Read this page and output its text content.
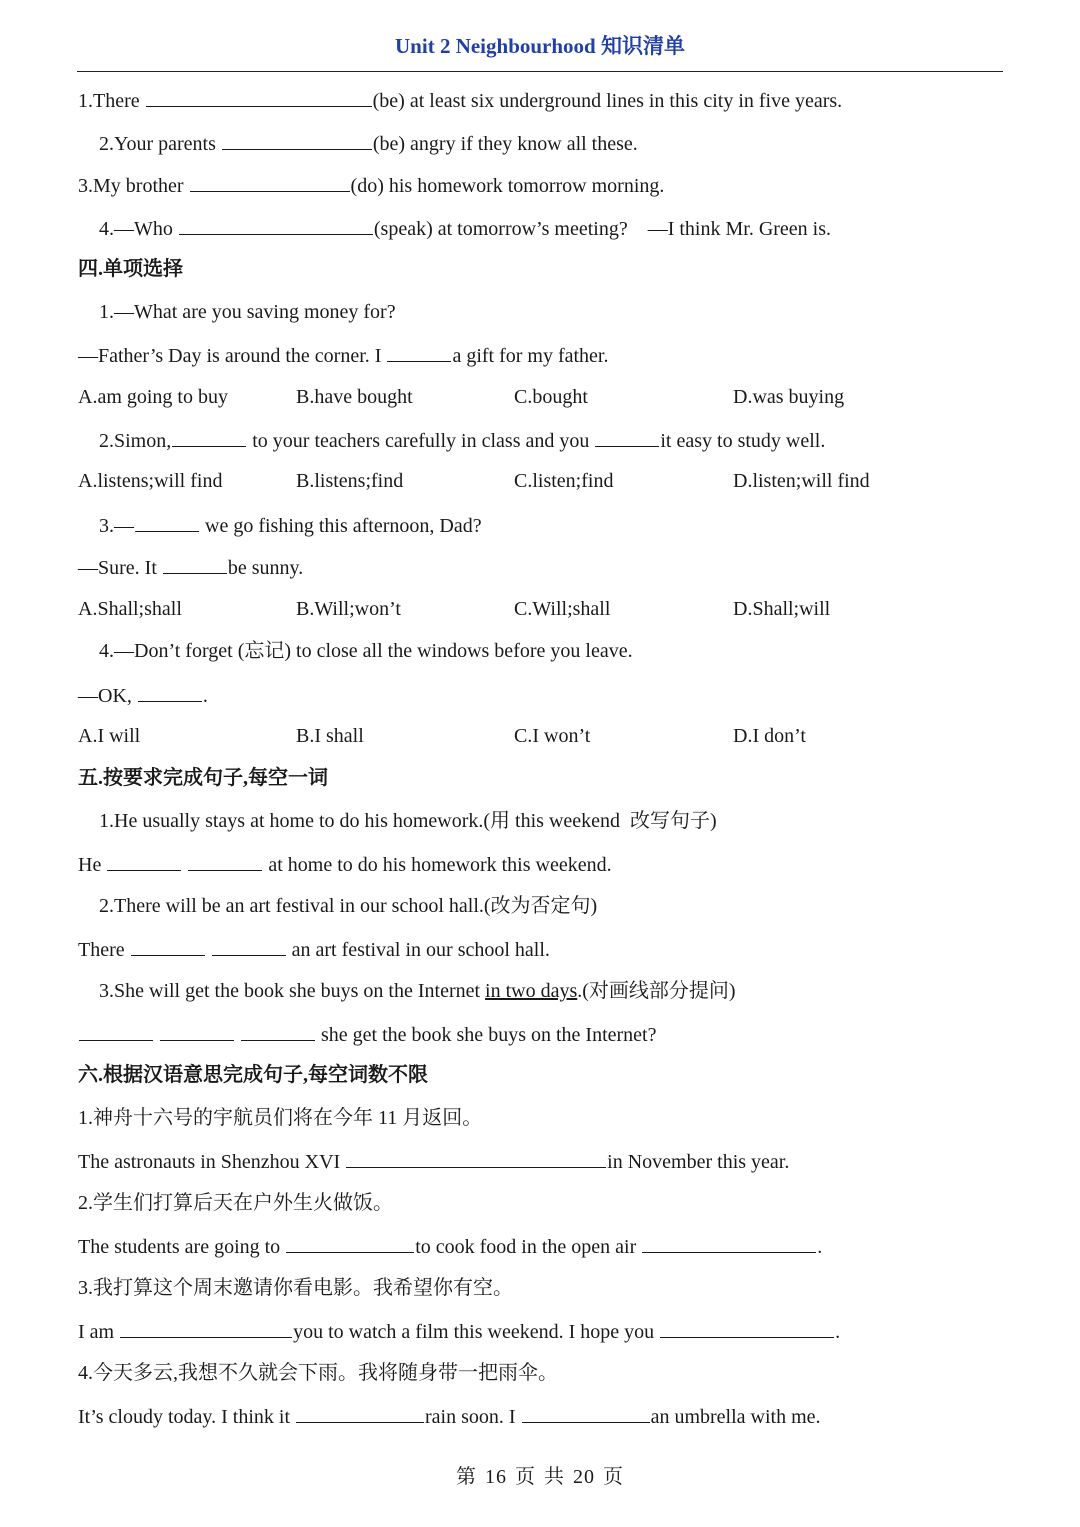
Unit 2 Neighbourhood 知识清单
1.There	(be) at least six underground lines in this city in five years.
2.Your parents	(be) angry if they know all these.
3.My brother	(do) his homework tomorrow morning.
4.—Who	(speak) at tomorrow’s meeting?    —I think Mr. Green is.
四.单项选择
1.—What are you saving money for?
—Father’s Day is around the corner. I	a gift for my father.
A.am going to buy	B.have bought	C.bought	D.was buying
2.Simon,	to your teachers carefully in class and you	it easy to study well.
A.listens;will find	B.listens;find	C.listen;find	D.listen;will find
3.—	we go fishing this afternoon, Dad?
—Sure. It	be sunny.
A.Shall;shall	B.Will;won’t	C.Will;shall	D.Shall;will
4.—Don’t forget (忘记) to close all the windows before you leave.
—OK,	.
A.I will	B.I shall	C.I won’t	D.I don’t
五.按要求完成句子,每空一词
1.He usually stays at home to do his homework.(用 this weekend  改写句子)
He	at home to do his homework this weekend.
2.There will be an art festival in our school hall.(改为否定句)
There	an art festival in our school hall.
3.She will get the book she buys on the Internet in two days.(对画线部分提问)
she get the book she buys on the Internet?
六.根据汉语意思完成句子,每空词数不限
1.神舟十六号的宇航员们将在今年 11 月返回。
The astronauts in Shenzhou XVI	in November this year.
2.学生们打算后天在户外生火做饭。
The students are going to	to cook food in the open air	.
3.我打算这个周末邀请你看电影。我希望你有空。
I am	you to watch a film this weekend. I hope you	.
4.今天多云,我想不久就会下雨。我将随身带一把雨伞。
It’s cloudy today. I think it	rain soon. I	an umbrella with me.
第 16 页 共 20 页
